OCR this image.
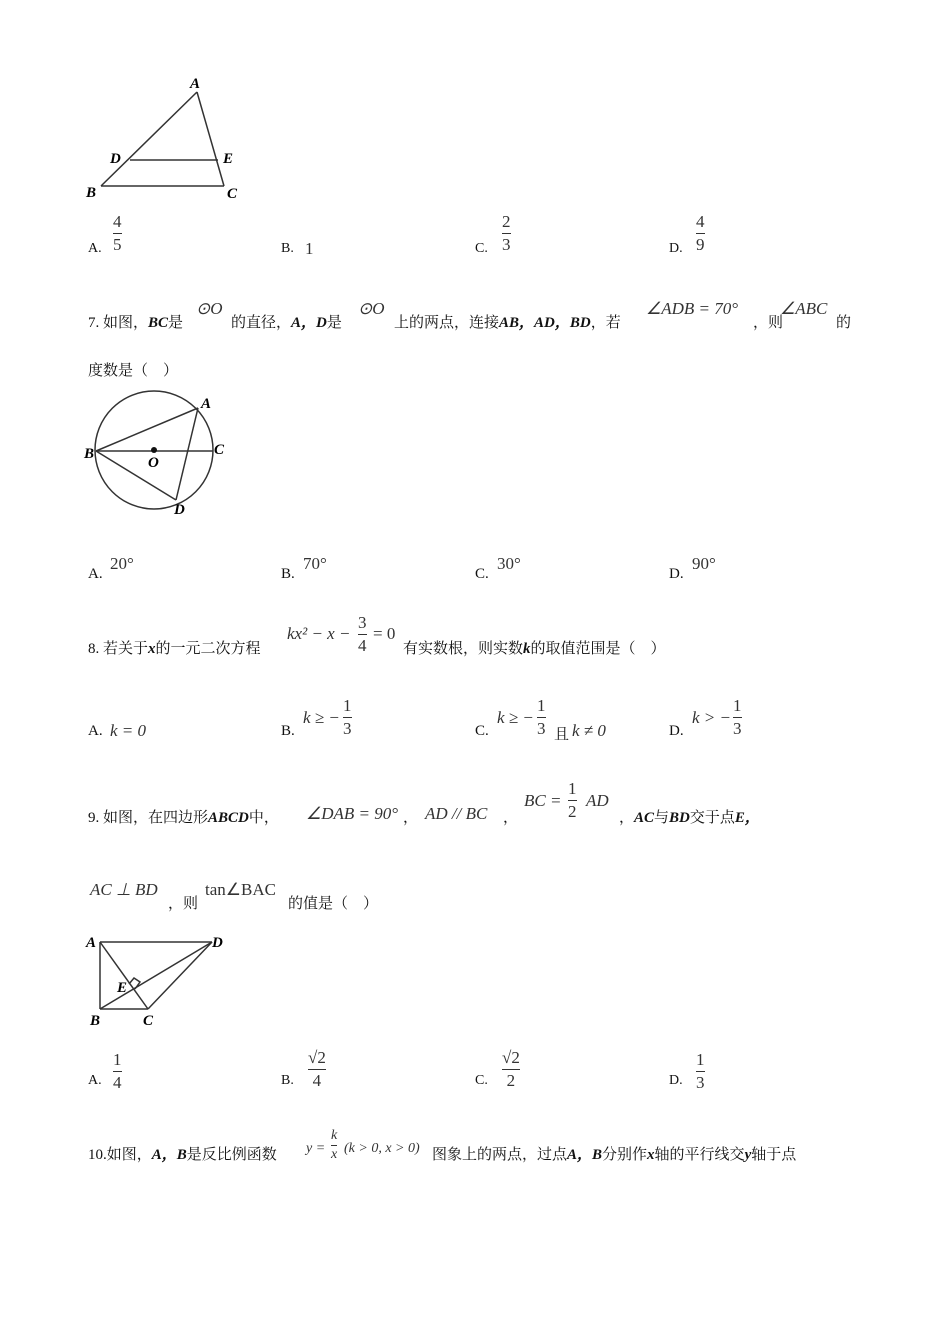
A
D	E
B	C
A.
4
5	B. 1	C.
2
3	D.
4
9
7. 如图，BC是
⊙O
的直径，A，D是
⊙O
上的两点，连接AB，AD，BD，若
∠ADB = 70°
，则
∠ABC
的
度数是（　）
A
B	C
O
D
A.
20°
B.
70°
C.
30°
D.
90°
8. 若关于x的一元二次方程
kx² − x −
3
4
= 0
有实数根，则实数k的取值范围是（　）
A. k = 0	B.
k ≥ −
1
3	C.
k ≥ −
1
3 且 k ≠ 0	D.
k > −
1
3
9. 如图，在四边形ABCD中， ∠DAB = 90° ， AD // BC ，
BC =
1
2
AD
，AC与BD交于点E，
AC ⊥ BD
，则
tan∠BAC
的值是（　）
A	D
E
B	C
A.
1
4	B.
√2
4	C.
√2
2	D.
1
3
10.如图，A，B是反比例函数 y =
k
x (k > 0, x > 0) 图象上的两点，过点A，B分别作x轴的平行线交y轴于点
